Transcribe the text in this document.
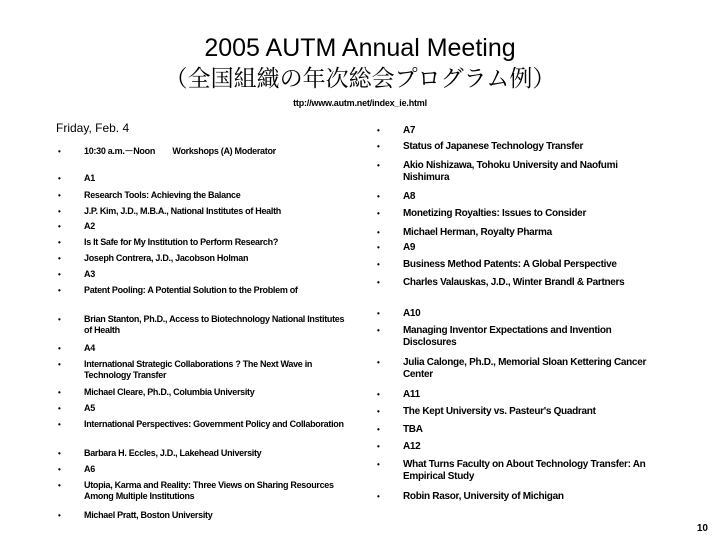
2005 AUTM Annual Meeting
（全国組織の年次総会プログラム例）
ttp://www.autm.net/index_ie.html
Friday, Feb. 4
•	10:30 a.m.－Noon　　Workshops (A) Moderator
•	A1
•	Research Tools: Achieving the Balance
•	J.P. Kim, J.D., M.B.A., National Institutes of Health
•	A2
•	Is It Safe for My Institution to Perform Research?
•	Joseph Contrera, J.D., Jacobson Holman
•	A3
•	Patent Pooling: A Potential Solution to the Problem of
•	Brian Stanton, Ph.D., Access to Biotechnology National Institutes of Health
•	A4
•	International Strategic Collaborations ? The Next Wave in Technology Transfer
•	Michael Cleare, Ph.D., Columbia University
•	A5
•	International Perspectives: Government Policy and Collaboration
•	Barbara H. Eccles, J.D., Lakehead University
•	A6
•	Utopia, Karma and Reality: Three Views on Sharing Resources Among Multiple Institutions
•	Michael Pratt, Boston University
• A7
• Status of Japanese Technology Transfer
• Akio Nishizawa, Tohoku University and Naofumi Nishimura
• A8
• Monetizing Royalties: Issues to Consider
• Michael Herman, Royalty Pharma
• A9
• Business Method Patents: A Global Perspective
• Charles Valauskas, J.D., Winter Brandl & Partners
• A10
• Managing Inventor Expectations and Invention Disclosures
• Julia Calonge, Ph.D., Memorial Sloan Kettering Cancer Center
• A11
• The Kept University vs. Pasteur's Quadrant
• TBA
• A12
• What Turns Faculty on About Technology Transfer: An Empirical Study
• Robin Rasor, University of Michigan
10
